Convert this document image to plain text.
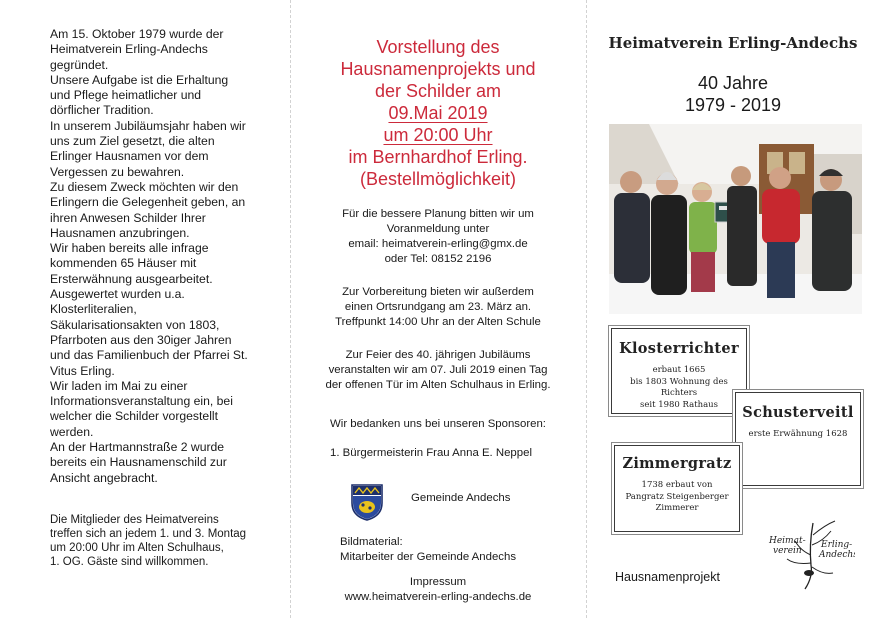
Am 15. Oktober 1979 wurde der
Heimatverein Erling-Andechs
gegründet.
Unsere Aufgabe ist die Erhaltung
und Pflege heimatlicher und
dörflicher Tradition.
In unserem Jubiläumsjahr haben wir
uns zum Ziel gesetzt, die alten
Erlinger Hausnamen vor dem
Vergessen zu bewahren.
Zu diesem Zweck möchten wir den
Erlingern die Gelegenheit geben, an
ihren Anwesen Schilder Ihrer
Hausnamen anzubringen.
Wir haben bereits alle infrage
kommenden 65 Häuser mit
Ersterwähnung ausgearbeitet.
Ausgewertet wurden u.a.
Klosterliteralien,
Säkularisationsakten von 1803,
Pfarrboten aus den 30iger Jahren
und das Familienbuch der Pfarrei St.
Vitus Erling.
Wir laden im Mai zu einer
Informationsveranstaltung ein, bei
welcher die Schilder vorgestellt
werden.
An der Hartmannstraße 2 wurde
bereits ein Hausnamenschild zur
Ansicht angebracht.
Die Mitglieder des Heimatvereins
treffen sich an jedem 1. und 3. Montag
um 20:00 Uhr im Alten Schulhaus,
1. OG. Gäste sind willkommen.
Vorstellung des
Hausnamenprojekts und
der Schilder am
09.Mai 2019
um 20:00 Uhr
im Bernhardhof Erling.
(Bestellmöglichkeit)
Für die bessere Planung bitten wir um
Voranmeldung unter
email: heimatverein-erling@gmx.de
oder Tel: 08152 2196
Zur Vorbereitung bieten wir außerdem
einen Ortsrundgang am 23. März an.
Treffpunkt 14:00 Uhr an der Alten Schule
Zur Feier des 40. jährigen Jubiläums
veranstalten wir am 07. Juli 2019 einen Tag
der offenen Tür im Alten Schulhaus in Erling.
Wir bedanken uns bei unseren Sponsoren:
1. Bürgermeisterin Frau Anna E. Neppel
Gemeinde Andechs
Bildmaterial:
Mitarbeiter der Gemeinde Andechs
Impressum
www.heimatverein-erling-andechs.de
Heimatverein Erling-Andechs
40 Jahre
1979 - 2019
Klosterrichter
erbaut 1665
bis 1803 Wohnung des Richters
seit 1980 Rathaus	Schusterveitl
erste Erwähnung 1628
Zimmergratz
1738 erbaut von
Pangratz Steigenberger
Zimmerer
Hausnamenprojekt
Heimat-
verein
Erling-
Andechs
